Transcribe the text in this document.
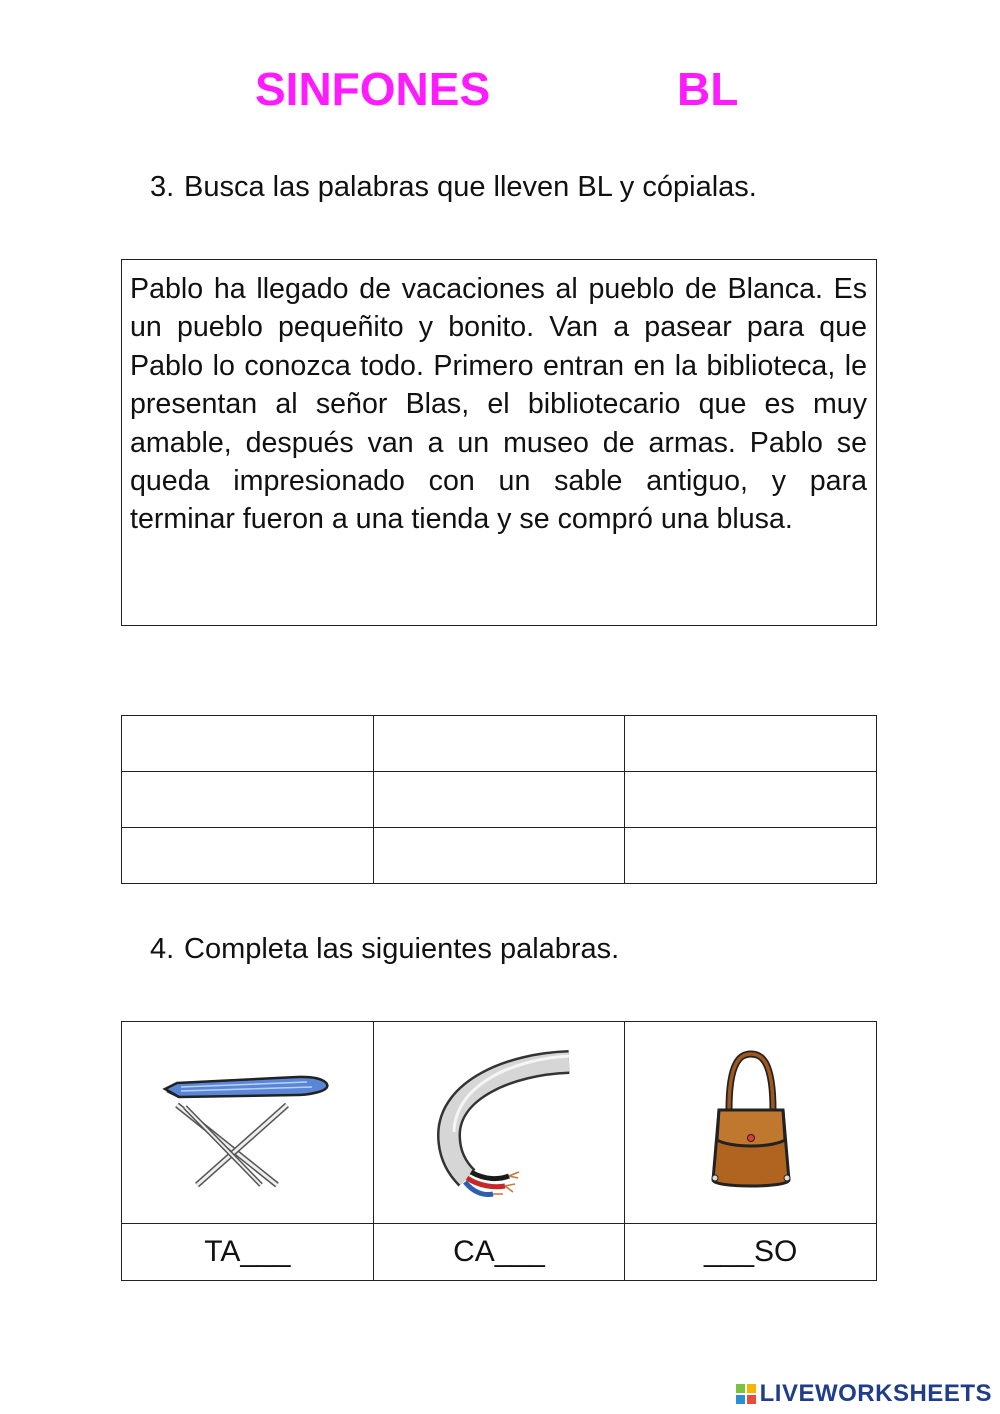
SINFONES	BL
3. Busca las palabras que lleven BL y cópialas.

Pablo ha llegado de vacaciones al pueblo de Blanca. Es un pueblo pequeñito y bonito. Van a pasear para que Pablo lo conozca todo. Primero entran en la biblioteca, le presentan al señor Blas, el bibliotecario que es muy amable, después van a un museo de armas. Pablo se queda impresionado con un sable antiguo, y para terminar fueron a una tienda y se compró una blusa.

4. Completa las siguientes palabras.

TA___	CA___	___SO
LIVEWORKSHEETS
